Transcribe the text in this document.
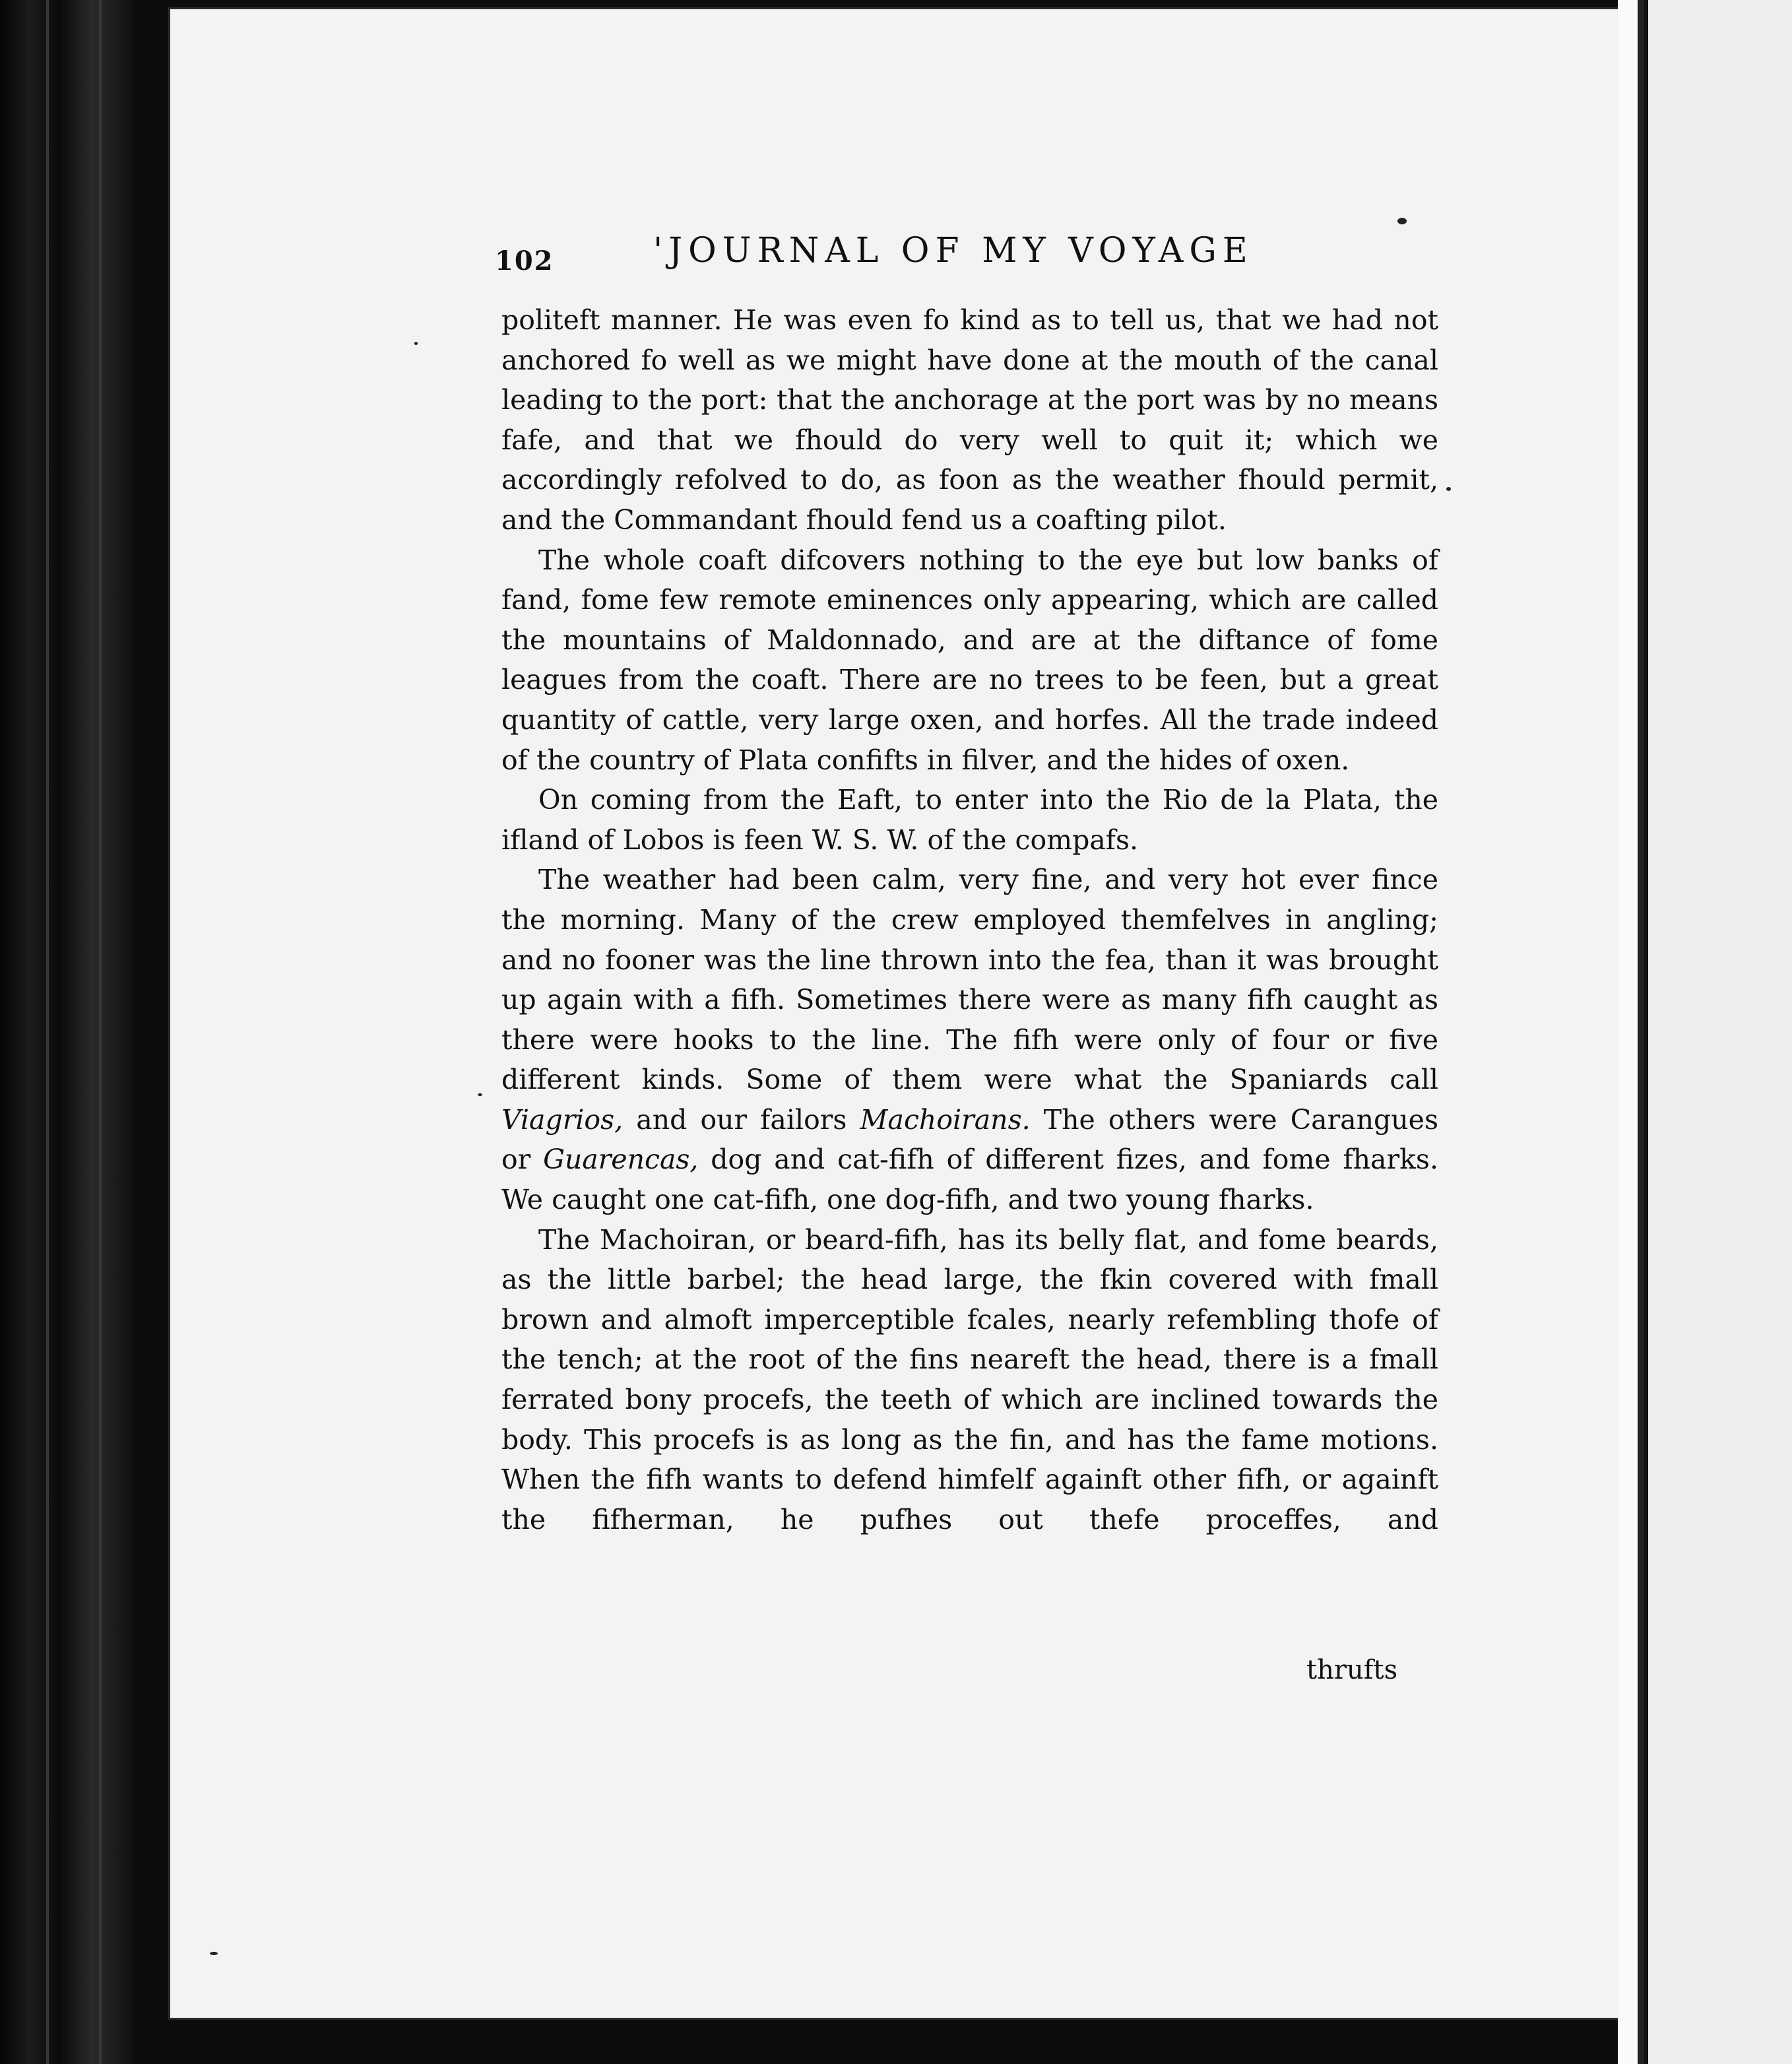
102	'JOURNAL OF MY VOYAGE

politeft manner. He was even fo kind as to tell us, that we had not anchored fo well as we might have done at the mouth of the canal leading to the port: that the anchorage at the port was by no means fafe, and that we fhould do very well to quit it; which we accordingly refolved to do, as foon as the weather fhould permit, and the Commandant fhould fend us a coafting pilot.

The whole coaft difcovers nothing to the eye but low banks of fand, fome few remote eminences only appearing, which are called the mountains of Maldonnado, and are at the diftance of fome leagues from the coaft. There are no trees to be feen, but a great quantity of cattle, very large oxen, and horfes. All the trade indeed of the country of Plata confifts in filver, and the hides of oxen.

On coming from the Eaft, to enter into the Rio de la Plata, the ifland of Lobos is feen W. S. W. of the compafs.

The weather had been calm, very fine, and very hot ever fince the morning. Many of the crew employed themfelves in angling; and no fooner was the line thrown into the fea, than it was brought up again with a fifh. Sometimes there were as many fifh caught as there were hooks to the line. The fifh were only of four or five different kinds. Some of them were what the Spaniards call Viagrios, and our failors Machoirans. The others were Carangues or Guarencas, dog and cat-fifh of different fizes, and fome fharks. We caught one cat-fifh, one dog-fifh, and two young fharks.

The Machoiran, or beard-fifh, has its belly flat, and fome beards, as the little barbel; the head large, the fkin covered with fmall brown and almoft imperceptible fcales, nearly refembling thofe of the tench; at the root of the fins neareft the head, there is a fmall ferrated bony procefs, the teeth of which are inclined towards the body. This procefs is as long as the fin, and has the fame motions. When the fifh wants to defend himfelf againft other fifh, or againft the fifherman, he pufhes out thefe proceffes, and

thrufts
